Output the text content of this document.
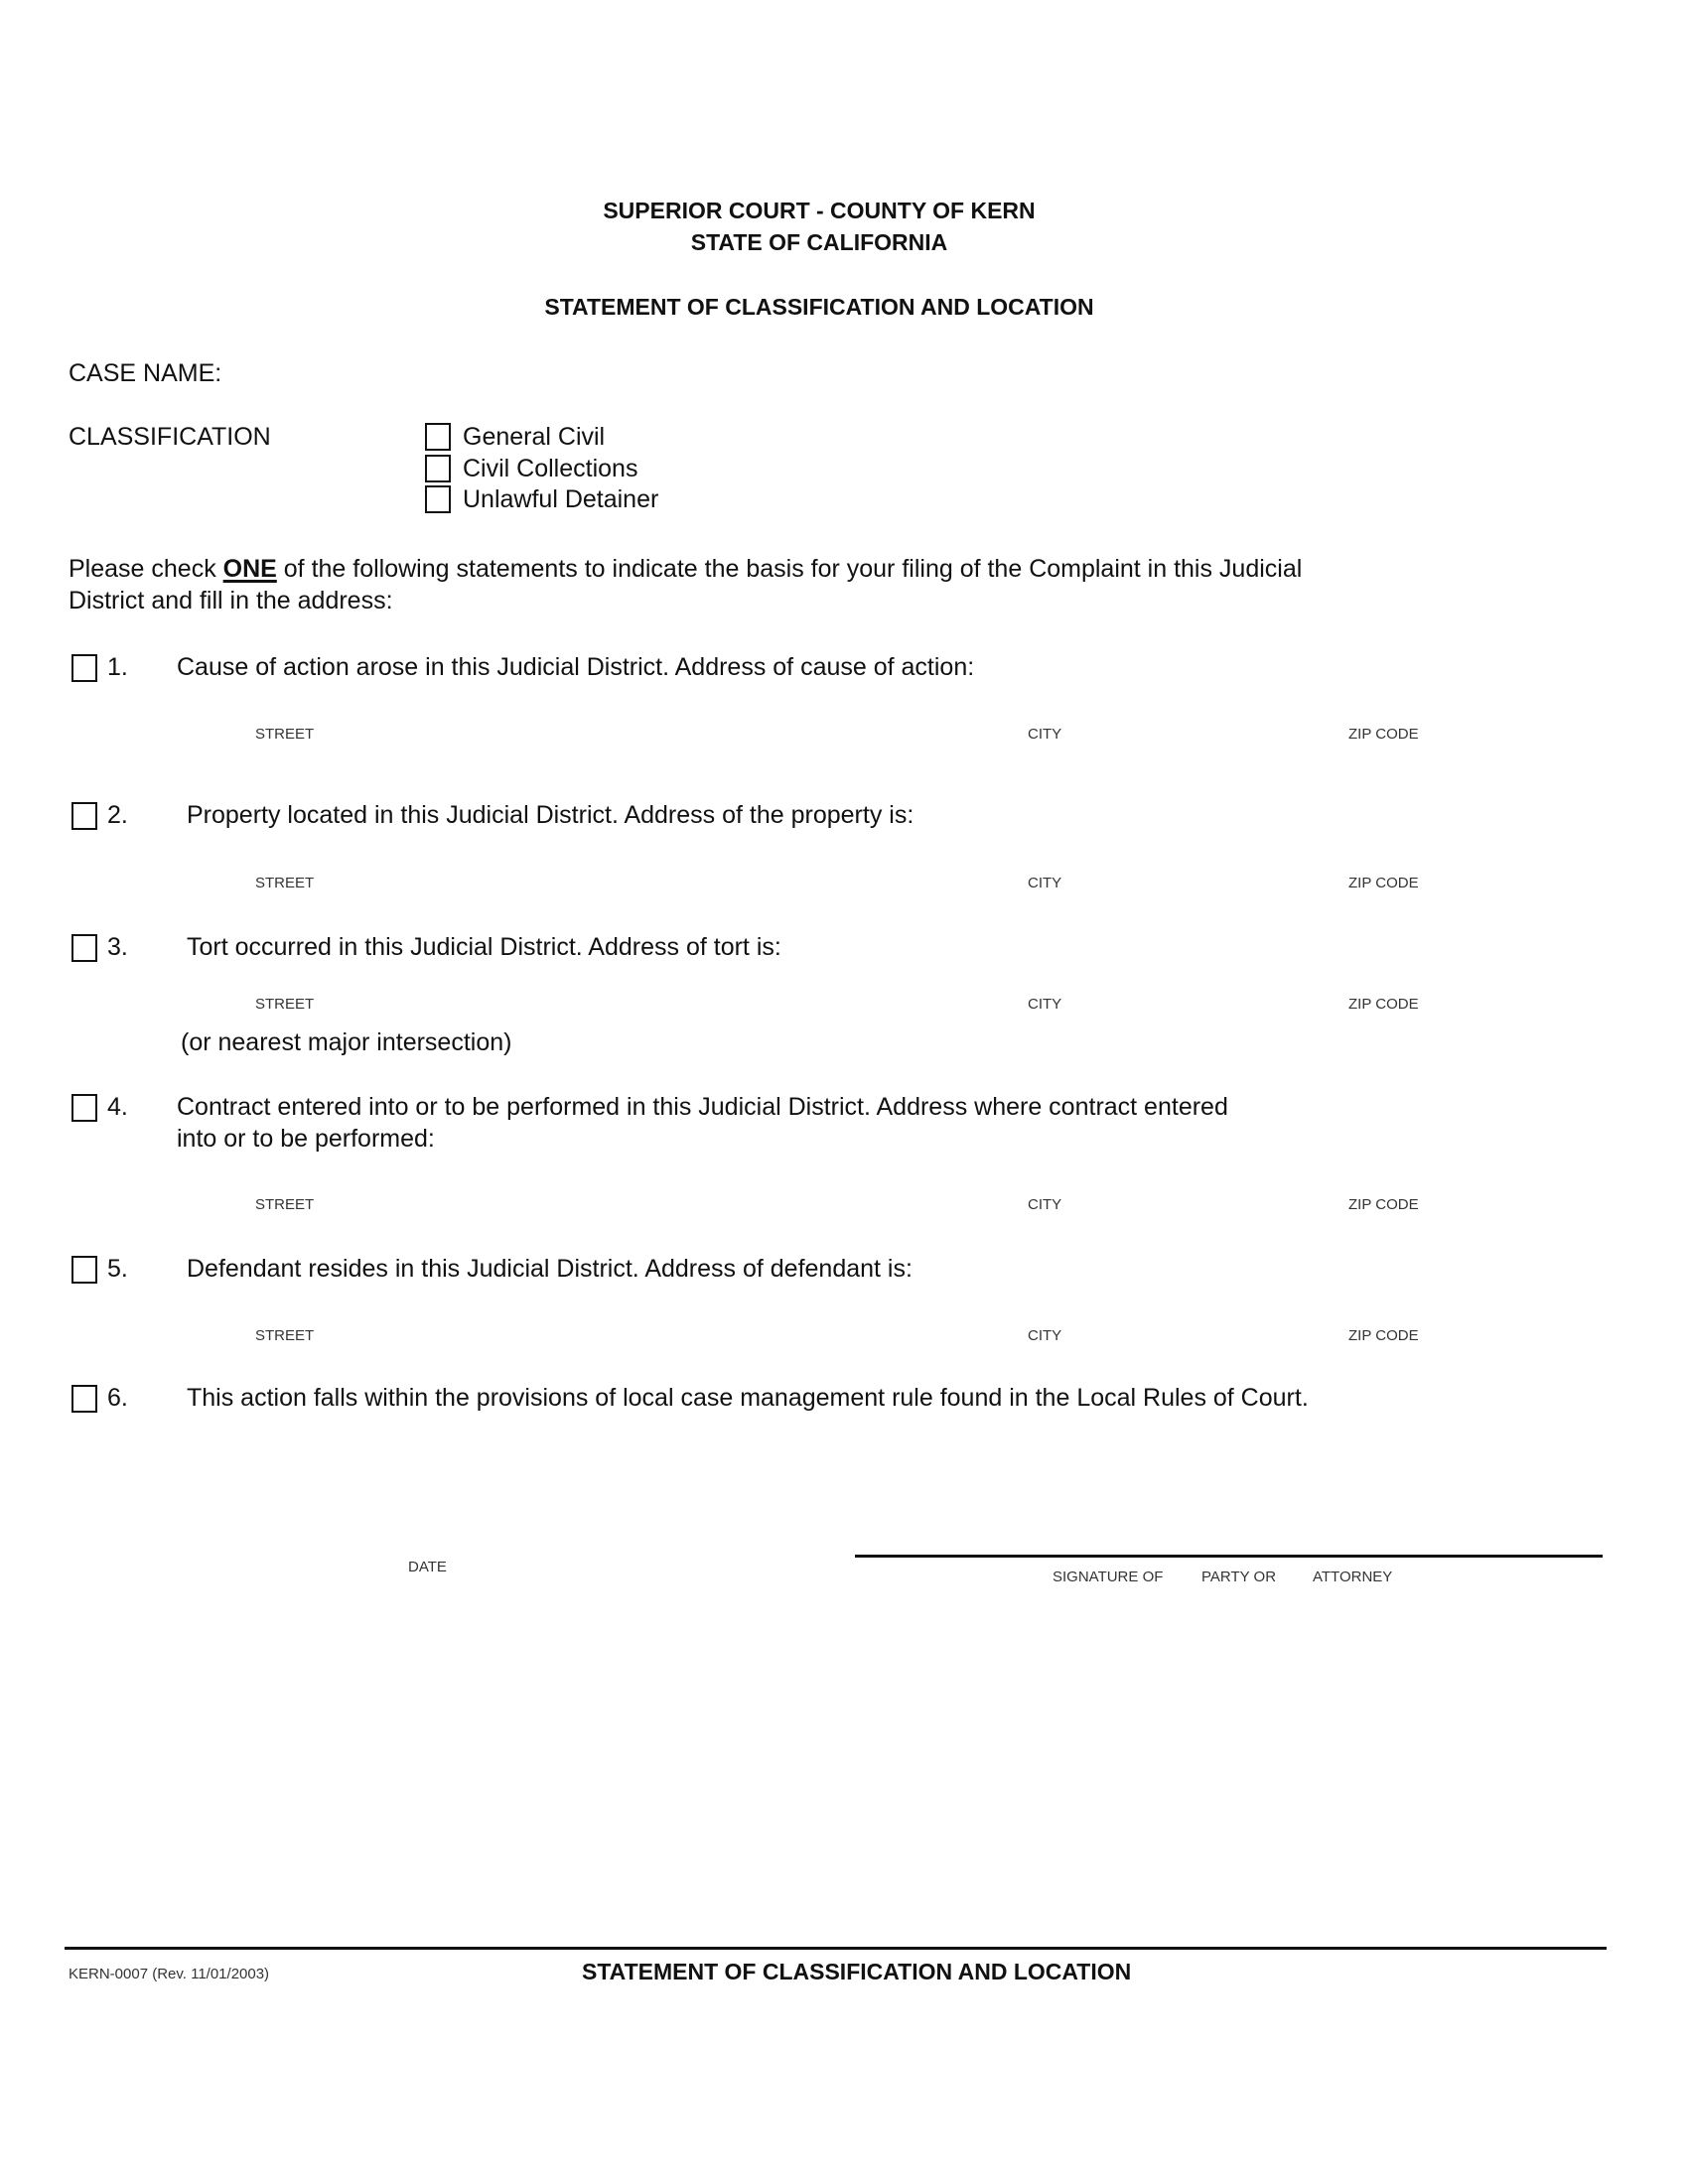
SUPERIOR COURT - COUNTY OF KERN
STATE OF CALIFORNIA
STATEMENT OF CLASSIFICATION AND LOCATION
CASE NAME:
CLASSIFICATION	General Civil
Civil Collections
Unlawful Detainer
Please check ONE of the following statements to indicate the basis for your filing of the Complaint in this Judicial
District and fill in the address:
1. Cause of action arose in this Judicial District. Address of cause of action:
STREET	CITY	ZIP CODE
2. Property located in this Judicial District. Address of the property is:
STREET	CITY	ZIP CODE
3. Tort occurred in this Judicial District. Address of tort is:
STREET	CITY	ZIP CODE
(or nearest major intersection)
4. Contract entered into or to be performed in this Judicial District. Address where contract entered
into or to be performed:
STREET	CITY	ZIP CODE
5. Defendant resides in this Judicial District. Address of defendant is:
STREET	CITY	ZIP CODE
6. This action falls within the provisions of local case management rule found in the Local Rules of Court.
DATE
SIGNATURE OF	PARTY OR ATTORNEY
KERN-0007 (Rev. 11/01/2003)	STATEMENT OF CLASSIFICATION AND LOCATION
